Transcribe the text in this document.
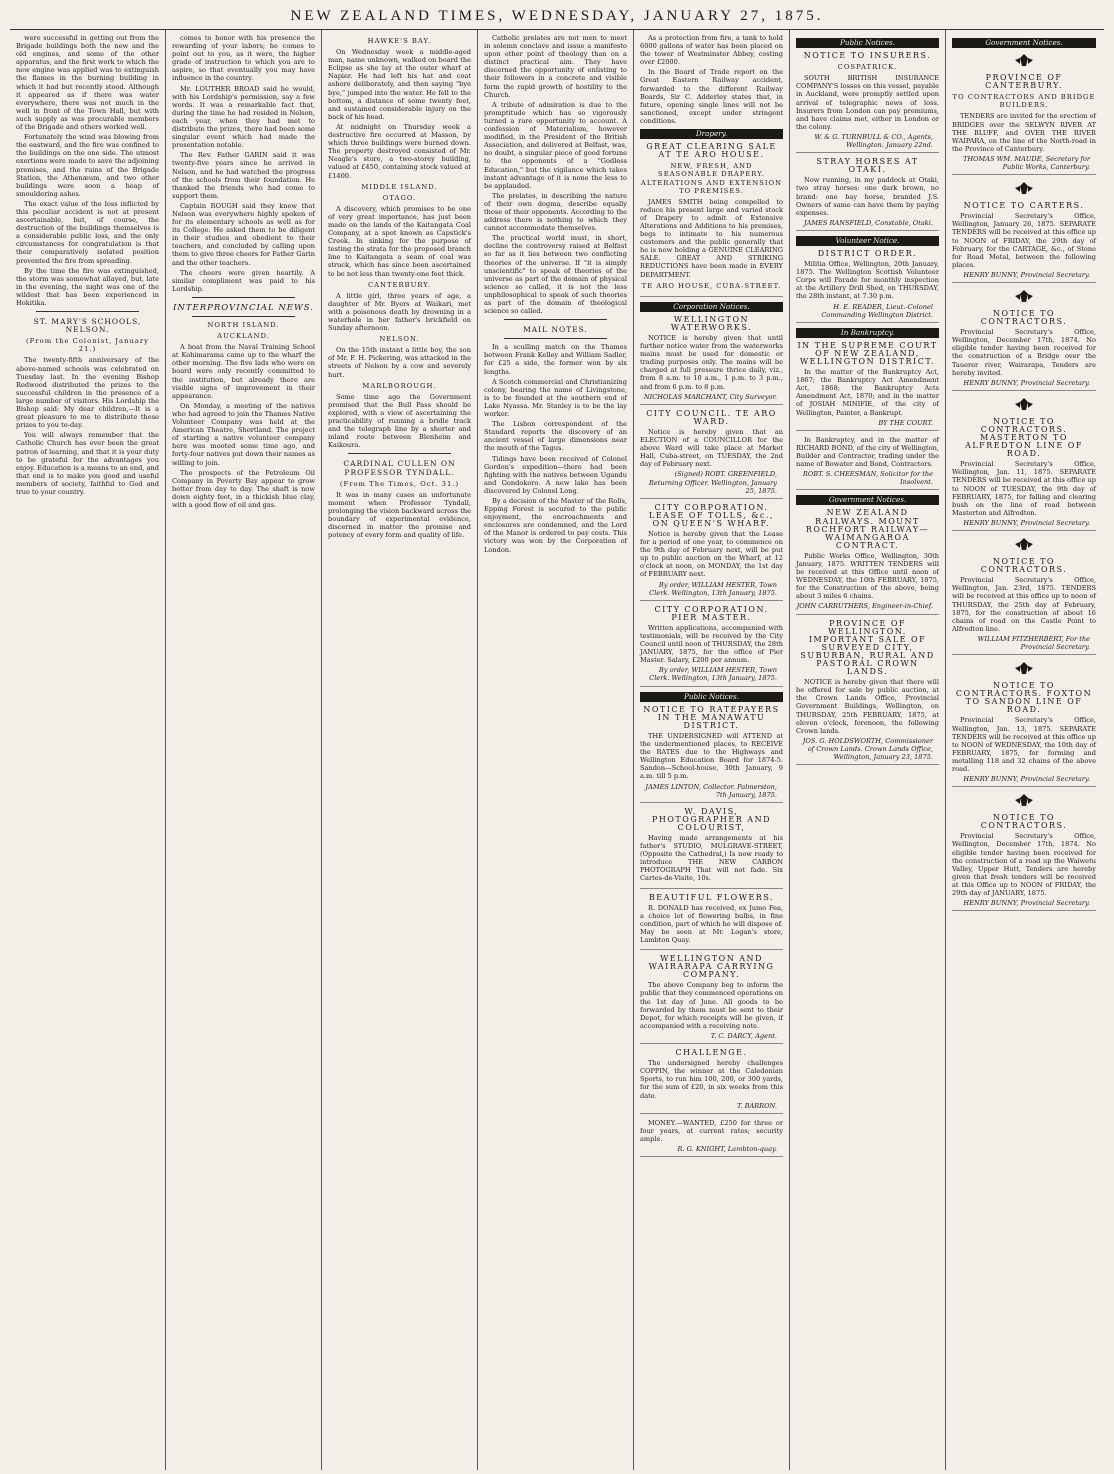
NEW ZEALAND TIMES, WEDNESDAY, JANUARY 27, 1875.

were successful in getting out from the Brigade buildings both the new and the old engines, and some of the other apparatus, and the first work to which the new engine was applied was to extinguish the flames in the burning building in which it had but recently stood. Although it appeared as if there was water everywhere, there was not much in the well in front of the Town Hall, but with such supply as was procurable members of the Brigade and others worked well.

Fortunately the wind was blowing from the eastward, and the fire was confined to the buildings on the one side. The utmost exertions were made to save the adjoining premises, and the ruins of the Brigade Station, the Athenæum, and two other buildings were soon a heap of smouldering ashes.

The exact value of the loss inflicted by this peculiar accident is not at present ascertainable, but, of course, the destruction of the buildings themselves is a considerable public loss, and the only circumstances for congratulation is that their comparatively isolated position prevented the fire from spreading.

By the time the fire was extinguished, the storm was somewhat allayed, but, late in the evening, the night was one of the wildest that has been experienced in Hokitika.

ST. MARY'S SCHOOLS, NELSON.
(From the Colonist, January 21.)

The twenty-fifth anniversary of the above-named schools was celebrated on Tuesday last. In the evening Bishop Redwood distributed the prizes to the successful children in the presence of a large number of visitors. His Lordship the Bishop said: My dear children,—It is a great pleasure to me to distribute these prizes to you to-day.

You will always remember that the Catholic Church has ever been the great patron of learning, and that it is your duty to be grateful for the advantages you enjoy. Education is a means to an end, and that end is to make you good and useful members of society, faithful to God and true to your country.

comes to honor with his presence the rewarding of your labors; he comes to point out to you, as it were, the higher grade of instruction to which you are to aspire, so that eventually you may have influence in the country.

Mr. LOUTHER BROAD said he would, with his Lordship's permission, say a few words. It was a remarkable fact that, during the time he had resided in Nelson, each year, when they had met to distribute the prizes, there had been some singular event which had made the presentation notable.

The Rev. Father GARIN said it was twenty-five years since he arrived in Nelson, and he had watched the progress of the schools from their foundation. He thanked the friends who had come to support them.

Captain ROUGH said they knew that Nelson was everywhere highly spoken of for its elementary schools as well as for its College. He asked them to be diligent in their studies and obedient to their teachers, and concluded by calling upon them to give three cheers for Father Garin and the other teachers.

The cheers were given heartily. A similar compliment was paid to his Lordship.

INTERPROVINCIAL NEWS.
NORTH ISLAND.
AUCKLAND.

A boat from the Naval Training School at Kohimarama came up to the wharf the other morning. The five lads who were on board were only recently committed to the institution, but already there are visible signs of improvement in their appearance.

On Monday, a meeting of the natives who had agreed to join the Thames Native Volunteer Company was held at the American Theatre, Shortland. The project of starting a native volunteer company here was mooted some time ago, and forty-four natives put down their names as willing to join.

The prospects of the Petroleum Oil Company in Poverty Bay appear to grow better from day to day. The shaft is now down eighty feet, in a thickish blue clay, with a good flow of oil and gas.

HAWKE'S BAY.

On Wednesday week a middle-aged man, name unknown, walked on board the Eclipse as she lay at the outer wharf at Napier. He had left his hat and coat ashore deliberately, and then saying "bye bye," jumped into the water. He fell to the bottom, a distance of some twenty feet, and sustained considerable injury on the back of his head.

At midnight on Thursday week a destructive fire occurred at Masson, by which three buildings were burned down. The property destroyed consisted of Mr. Neagle's store, a two-storey building, valued at £450, containing stock valued at £1400.

MIDDLE ISLAND.
OTAGO.

A discovery, which promises to be one of very great importance, has just been made on the lands of the Kaitangata Coal Company, at a spot known as Capstick's Creek. In sinking for the purpose of testing the strata for the proposed branch line to Kaitangata a seam of coal was struck, which has since been ascertained to be not less than twenty-one feet thick.

CANTERBURY.

A little girl, three years of age, a daughter of Mr. Byers at Waikari, met with a poisonous death by drowning in a waterhole in her father's brickfield on Sunday afternoon.

NELSON.

On the 15th instant a little boy, the son of Mr. F. H. Pickering, was attacked in the streets of Nelson by a cow and severely hurt.

MARLBOROUGH.

Some time ago the Government promised that the Bull Pass should be explored, with a view of ascertaining the practicability of running a bridle track and the telegraph line by a shorter and inland route between Blenheim and Kaikoura.

CARDINAL CULLEN ON PROFESSOR TYNDALL.
(From The Times, Oct. 31.)

It was in many cases an unfortunate moment when Professor Tyndall, prolonging the vision backward across the boundary of experimental evidence, discerned in matter the promise and potency of every form and quality of life.

Catholic prelates are not men to meet in solemn conclave and issue a manifesto upon other point of theology than on a distinct practical aim. They have discerned the opportunity of enlisting to their followers in a concrete and visible form the rapid growth of hostility to the Church.

A tribute of admiration is due to the promptitude which has so vigorously turned a rare opportunity to account. A confession of Materialism, however modified, in the President of the British Association, and delivered at Belfast, was, no doubt, a singular piece of good fortune to the opponents of a "Godless Education," but the vigilance which takes instant advantage of it is none the less to be applauded.

The prelates, in describing the nature of their own dogma, describe equally those of their opponents. According to the address there is nothing to which they cannot accommodate themselves.

The practical world must, in short, decline the controversy raised at Belfast so far as it lies between two conflicting theories of the universe. If "it is simply unscientific" to speak of theories of the universe as part of the domain of physical science so called, it is not the less unphilosophical to speak of such theories as part of the domain of theological science so called.

MAIL NOTES.

In a sculling match on the Thames between Frank Kelley and William Sadler, for £25 a side, the former won by six lengths.

A Scotch commercial and Christianizing colony, bearing the name of Livingstone, is to be founded at the southern end of Lake Nyassa. Mr. Stanley is to be the lay worker.

The Lisbon correspondent of the Standard reports the discovery of an ancient vessel of large dimensions near the mouth of the Tagus.

Tidings have been received of Colonel Gordon's expedition—there had been fighting with the natives between Ugandu and Gondokoro. A new lake has been discovered by Colonel Long.

By a decision of the Master of the Rolls, Epping Forest is secured to the public enjoyment, the encroachments and enclosures are condemned, and the Lord of the Manor is ordered to pay costs. This victory was won by the Corporation of London.

As a protection from fire, a tank to hold 6000 gallons of water has been placed on the tower of Westminster Abbey, costing over £2000.

In the Board of Trade report on the Great Eastern Railway accident, forwarded to the different Railway Boards, Sir C. Adderley states that, in future, opening single lines will not be sanctioned, except under stringent conditions.

Drapery.
GREAT CLEARING SALE AT TE ARO HOUSE.
NEW, FRESH, AND SEASONABLE DRAPERY. ALTERATIONS AND EXTENSION TO PREMISES.

JAMES SMITH being compelled to reduce his present large and varied stock of Drapery to admit of Extensive Alterations and Additions to his premises, begs to intimate to his numerous customers and the public generally that he is now holding a GENUINE CLEARING SALE. GREAT AND STRIKING REDUCTIONS have been made in EVERY DEPARTMENT.

TE ARO HOUSE, CUBA-STREET.
Corporation Notices.
WELLINGTON WATERWORKS.

NOTICE is hereby given that until further notice water from the waterworks mains must be used for domestic or trading purposes only. The mains will be charged at full pressure thrice daily, viz., from 8 a.m. to 10 a.m., 1 p.m. to 3 p.m., and from 6 p.m. to 8 p.m.

NICHOLAS MARCHANT, City Surveyor.
CITY COUNCIL. TE ARO WARD.

Notice is hereby given that an ELECTION of a COUNCILLOR for the above Ward will take place at Market Hall, Cuba-street, on TUESDAY, the 2nd day of February next.

(Signed) ROBT. GREENFIELD, Returning Officer. Wellington, January 25, 1875.
CITY CORPORATION. LEASE OF TOLLS, &c., ON QUEEN'S WHARF.

Notice is hereby given that the Lease for a period of one year, to commence on the 9th day of February next, will be put up to public auction on the Wharf, at 12 o'clock at noon, on MONDAY, the 1st day of FEBRUARY next.

By order, WILLIAM HESTER, Town Clerk. Wellington, 13th January, 1875.
CITY CORPORATION. PIER MASTER.

Written applications, accompanied with testimonials, will be received by the City Council until noon of THURSDAY, the 28th JANUARY, 1875, for the office of Pier Master. Salary, £200 per annum.

By order, WILLIAM HESTER, Town Clerk. Wellington, 13th January, 1875.
Public Notices.
NOTICE TO RATEPAYERS IN THE MANAWATU DISTRICT.

THE UNDERSIGNED will ATTEND at the undermentioned places, to RECEIVE the RATES due to the Highways and Wellington Education Board for 1874-5. Sandon—School-house, 30th January, 9 a.m. till 5 p.m.

JAMES LINTON, Collector. Palmerston, 7th January, 1875.
W. DAVIS, PHOTOGRAPHER AND COLOURIST,

Having made arrangements at his father's STUDIO, MULGRAVE-STREET, (Opposite the Cathedral,) Is now ready to introduce THE NEW CARBON PHOTOGRAPH That will not fade. Six Cartes-de-Visite, 10s.

BEAUTIFUL FLOWERS.

R. DONALD has received, ex Jumo Fea, a choice lot of flowering bulbs, in fine condition, part of which he will dispose of. May be seen at Mr. Logan's store, Lambton Quay.

WELLINGTON AND WAIRARAPA CARRYING COMPANY.

The above Company beg to inform the public that they commenced operations on the 1st day of June. All goods to be forwarded by them must be sent to their Depot, for which receipts will be given, if accompanied with a receiving note.

T. C. DARCY, Agent.
CHALLENGE.

The undersigned hereby challenges COPPIN, the winner at the Caledonian Sports, to run him 100, 200, or 300 yards, for the sum of £20, in six weeks from this date.

T. BARRON.

MONEY.—WANTED, £250 for three or four years, at current rates; security ample.

R. G. KNIGHT, Lambton-quay.
Public Notices.
NOTICE TO INSURERS.
COSPATRICK.

SOUTH BRITISH INSURANCE COMPANY'S losses on this vessel, payable in Auckland, were promptly settled upon arrival of telegraphic news of loss. Insurers from London can pay premiums, and have claims met, either in London or the colony.

W. & G. TURNBULL & CO., Agents, Wellington. January 22nd.
STRAY HORSES AT OTAKI.

Now running, in my paddock at Otaki, two stray horses: one dark brown, no brand: one bay horse, branded J.S. Owners of same can have them by paying expenses.

JAMES RANSFIELD, Constable, Otaki.
Volunteer Notice.
DISTRICT ORDER.

Militia Office, Wellington, 20th January, 1875. The Wellington Scottish Volunteer Corps will Parade for monthly inspection at the Artillery Drill Shed, on THURSDAY, the 28th instant, at 7.30 p.m.

H. E. READER, Lieut.-Colonel Commanding Wellington District.
In Bankruptcy.
IN THE SUPREME COURT OF NEW ZEALAND, WELLINGTON DISTRICT.

In the matter of the Bankruptcy Act, 1867; the Bankruptcy Act Amendment Act, 1868; the Bankruptcy Acts Amendment Act, 1870; and in the matter of JOSIAH MINIFIE, of the city of Wellington, Painter, a Bankrupt.

BY THE COURT.

In Bankruptcy, and in the matter of RICHARD BOND, of the city of Wellington, Builder and Contractor, trading under the name of Bowater and Bond, Contractors.

ROBT. S. CHEESMAN, Solicitor for the Insolvent.
Government Notices.
NEW ZEALAND RAILWAYS. MOUNT ROCHFORT RAILWAY—WAIMANGAROA CONTRACT.

Public Works Office, Wellington, 30th January, 1875. WRITTEN TENDERS will be received at this Office until noon of WEDNESDAY, the 10th FEBRUARY, 1875, for the Construction of the above, being about 3 miles 6 chains.

JOHN CARRUTHERS, Engineer-in-Chief.
PROVINCE OF WELLINGTON. IMPORTANT SALE OF SURVEYED CITY, SUBURBAN, RURAL AND PASTORAL CROWN LANDS.

NOTICE is hereby given that there will be offered for sale by public auction, at the Crown Lands Office, Provincial Government Buildings, Wellington, on THURSDAY, 25th FEBRUARY, 1875, at eleven o'clock, forenoon, the following Crown lands.

JOS. G. HOLDSWORTH, Commissioner of Crown Lands. Crown Lands Office, Wellington, January 23, 1875.
Government Notices.
PROVINCE OF CANTERBURY.
TO CONTRACTORS AND BRIDGE BUILDERS.

TENDERS are invited for the erection of BRIDGES over the SELWYN RIVER AT THE BLUFF, and OVER THE RIVER WAIPARA, on the line of the North-road in the Province of Canterbury.

THOMAS WM. MAUDE, Secretary for Public Works, Canterbury.
NOTICE TO CARTERS.

Provincial Secretary's Office, Wellington, January 26, 1875. SEPARATE TENDERS will be received at this office up to NOON of FRIDAY, the 29th day of February, for the CARTAGE, &c., of Stone for Road Metal, between the following places.

HENRY BUNNY, Provincial Secretary.
NOTICE TO CONTRACTORS.

Provincial Secretary's Office, Wellington, December 17th, 1874. No eligible tender having been received for the construction of a Bridge over the Tauerer river, Wairarapa, Tenders are hereby invited.

HENRY BUNNY, Provincial Secretary.
NOTICE TO CONTRACTORS. MASTERTON TO ALFREDTON LINE OF ROAD.

Provincial Secretary's Office, Wellington, Jan. 11, 1875. SEPARATE TENDERS will be received at this office up to NOON of TUESDAY, the 9th day of FEBRUARY, 1875, for falling and clearing bush on the line of road between Masterton and Alfredton.

HENRY BUNNY, Provincial Secretary.
NOTICE TO CONTRACTORS.

Provincial Secretary's Office, Wellington, Jan. 23rd, 1875. TENDERS will be received at this office up to noon of THURSDAY, the 25th day of February, 1875, for the construction of about 16 chains of road on the Castle Point to Alfredton line.

WILLIAM FITZHERBERT, For the Provincial Secretary.
NOTICE TO CONTRACTORS. FOXTON TO SANDON LINE OF ROAD.

Provincial Secretary's Office, Wellington, Jan. 13, 1875. SEPARATE TENDERS will be received at this office up to NOON of WEDNESDAY, the 10th day of FEBRUARY, 1875, for forming and metalling 118 and 32 chains of the above road.

HENRY BUNNY, Provincial Secretary.
NOTICE TO CONTRACTORS.

Provincial Secretary's Office, Wellington, December 17th, 1874. No eligible tender having been received for the construction of a road up the Waiwetu Valley, Upper Hutt, Tenders are hereby given that fresh tenders will be received at this Office up to NOON of FRIDAY, the 29th day of JANUARY, 1875.

HENRY BUNNY, Provincial Secretary.
